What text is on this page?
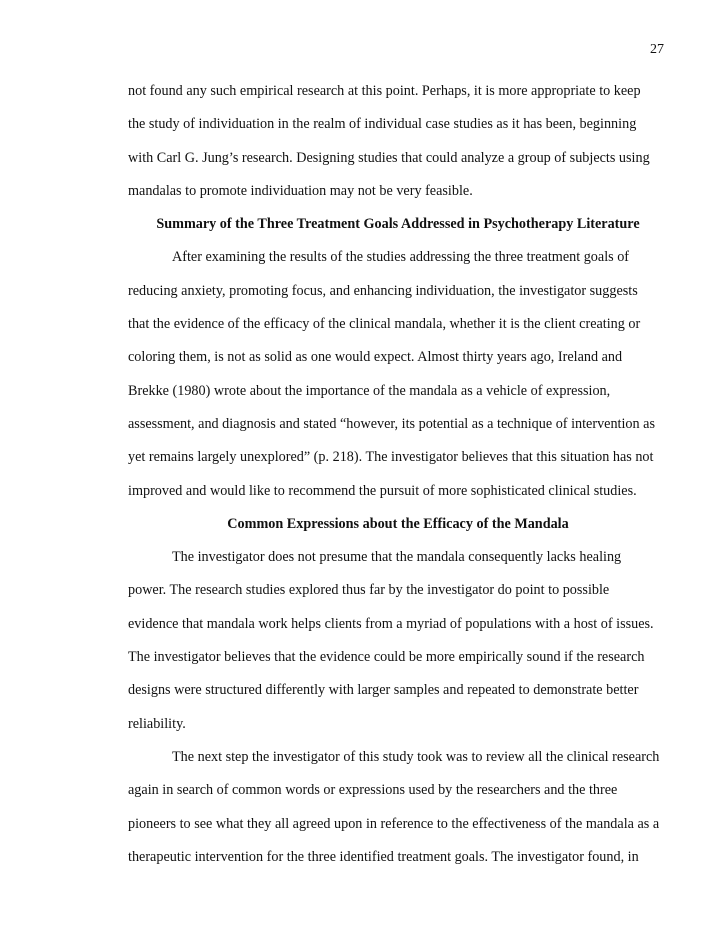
27
not found any such empirical research at this point. Perhaps, it is more appropriate to keep
the study of individuation in the realm of individual case studies as it has been, beginning
with Carl G. Jung’s research. Designing studies that could analyze a group of subjects using
mandalas to promote individuation may not be very feasible.
Summary of the Three Treatment Goals Addressed in Psychotherapy Literature
After examining the results of the studies addressing the three treatment goals of
reducing anxiety, promoting focus, and enhancing individuation, the investigator suggests
that the evidence of the efficacy of the clinical mandala, whether it is the client creating or
coloring them, is not as solid as one would expect. Almost thirty years ago, Ireland and
Brekke (1980) wrote about the importance of the mandala as a vehicle of expression,
assessment, and diagnosis and stated “however, its potential as a technique of intervention as
yet remains largely unexplored” (p. 218). The investigator believes that this situation has not
improved and would like to recommend the pursuit of more sophisticated clinical studies.
Common Expressions about the Efficacy of the Mandala
The investigator does not presume that the mandala consequently lacks healing
power. The research studies explored thus far by the investigator do point to possible
evidence that mandala work helps clients from a myriad of populations with a host of issues.
The investigator believes that the evidence could be more empirically sound if the research
designs were structured differently with larger samples and repeated to demonstrate better
reliability.
The next step the investigator of this study took was to review all the clinical research
again in search of common words or expressions used by the researchers and the three
pioneers to see what they all agreed upon in reference to the effectiveness of the mandala as a
therapeutic intervention for the three identified treatment goals. The investigator found, in
